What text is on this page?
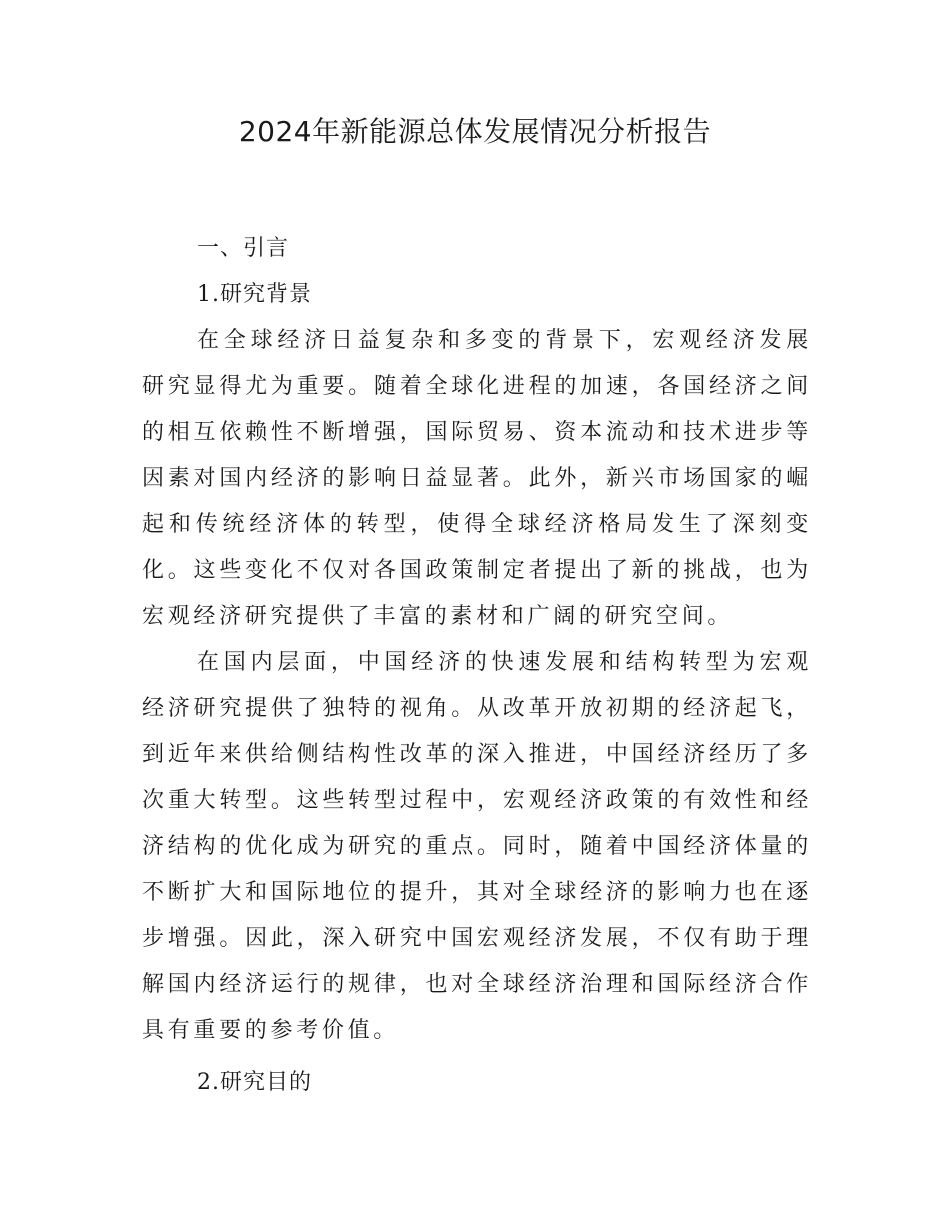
2024年新能源总体发展情况分析报告
一、引言
1.研究背景

在全球经济日益复杂和多变的背景下，宏观经济发展研究显得尤为重要。随着全球化进程的加速，各国经济之间的相互依赖性不断增强，国际贸易、资本流动和技术进步等因素对国内经济的影响日益显著。此外，新兴市场国家的崛起和传统经济体的转型，使得全球经济格局发生了深刻变化。这些变化不仅对各国政策制定者提出了新的挑战，也为宏观经济研究提供了丰富的素材和广阔的研究空间。

在国内层面，中国经济的快速发展和结构转型为宏观经济研究提供了独特的视角。从改革开放初期的经济起飞，到近年来供给侧结构性改革的深入推进，中国经济经历了多次重大转型。这些转型过程中，宏观经济政策的有效性和经济结构的优化成为研究的重点。同时，随着中国经济体量的不断扩大和国际地位的提升，其对全球经济的影响力也在逐步增强。因此，深入研究中国宏观经济发展，不仅有助于理解国内经济运行的规律，也对全球经济治理和国际经济合作具有重要的参考价值。

2.研究目的
